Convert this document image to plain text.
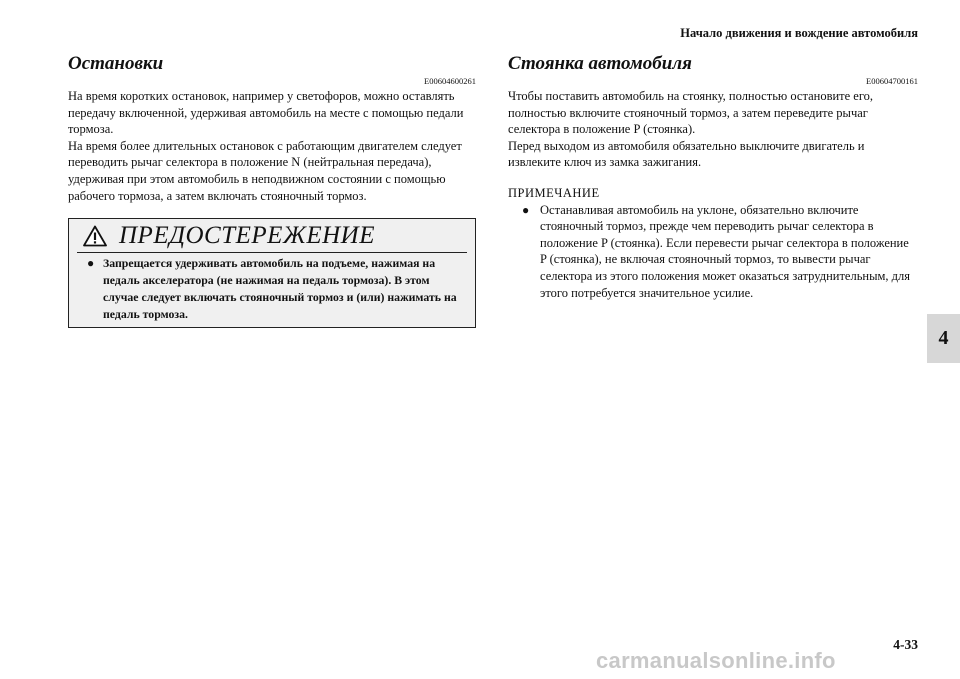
Начало движения и вождение автомобиля
Остановки
E00604600261

На время коротких остановок, например у светофоров, можно оставлять передачу включенной, удерживая автомобиль на месте с помощью педали тормоза.

На время более длительных остановок с работающим двигателем следует переводить рычаг селектора в положение N (нейтральная передача), удерживая при этом автомобиль в неподвижном состоянии с помощью рабочего тормоза, а затем включать стояночный тормоз.

ПРЕДОСТЕРЕЖЕНИЕ
● Запрещается удерживать автомобиль на подъеме, нажимая на педаль акселератора (не нажимая на педаль тормоза). В этом случае следует включать стояночный тормоз и (или) нажимать на педаль тормоза.
Стоянка автомобиля
E00604700161

Чтобы поставить автомобиль на стоянку, полностью остановите его, полностью включите стояночный тормоз, а затем переведите рычаг селектора в положение P (стоянка).

Перед выходом из автомобиля обязательно выключите двигатель и извлеките ключ из замка зажигания.

ПРИМЕЧАНИЕ
● Останавливая автомобиль на уклоне, обязательно включите стояночный тормоз, прежде чем переводить рычаг селектора в положение P (стоянка). Если перевести рычаг селектора в положение P (стоянка), не включая стояночный тормоз, то вывести рычаг селектора из этого положения может оказаться затруднительным, для этого потребуется значительное усилие.
4
4-33
carmanualsonline.info
